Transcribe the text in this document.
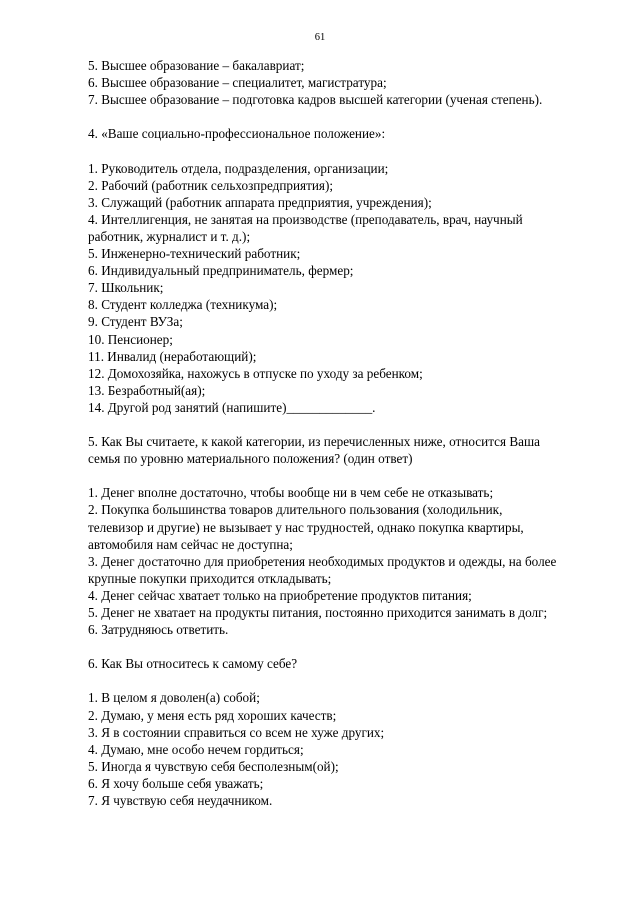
61
5. Высшее образование – бакалавриат;
6. Высшее образование – специалитет, магистратура;
7. Высшее образование – подготовка кадров высшей категории (ученая степень).
4. «Ваше социально-профессиональное положение»:
1. Руководитель отдела, подразделения, организации;
2. Рабочий (работник сельхозпредприятия);
3. Служащий (работник аппарата предприятия, учреждения);
4. Интеллигенция, не занятая на производстве (преподаватель, врач, научный
работник, журналист и т. д.);
5. Инженерно-технический работник;
6. Индивидуальный предприниматель, фермер;
7. Школьник;
8. Студент колледжа (техникума);
9. Студент ВУЗа;
10. Пенсионер;
11. Инвалид (неработающий);
12. Домохозяйка, нахожусь в отпуске по уходу за ребенком;
13. Безработный(ая);
14. Другой род занятий (напишите)_____________.
5. Как Вы считаете, к какой категории, из перечисленных ниже, относится Ваша
семья по уровню материального положения? (один ответ)
1. Денег вполне достаточно, чтобы вообще ни в чем себе не отказывать;
2. Покупка большинства товаров длительного пользования (холодильник,
телевизор и другие) не вызывает у нас трудностей, однако покупка квартиры,
автомобиля нам сейчас не доступна;
3. Денег достаточно для приобретения необходимых продуктов и одежды, на более
крупные покупки приходится откладывать;
4. Денег сейчас хватает только на приобретение продуктов питания;
5. Денег не хватает на продукты питания, постоянно приходится занимать в долг;
6. Затрудняюсь ответить.
6. Как Вы относитесь к самому себе?
1. В целом я доволен(а) собой;
2. Думаю, у меня есть ряд хороших качеств;
3. Я в состоянии справиться со всем не хуже других;
4. Думаю, мне особо нечем гордиться;
5. Иногда я чувствую себя бесполезным(ой);
6. Я хочу больше себя уважать;
7. Я чувствую себя неудачником.
